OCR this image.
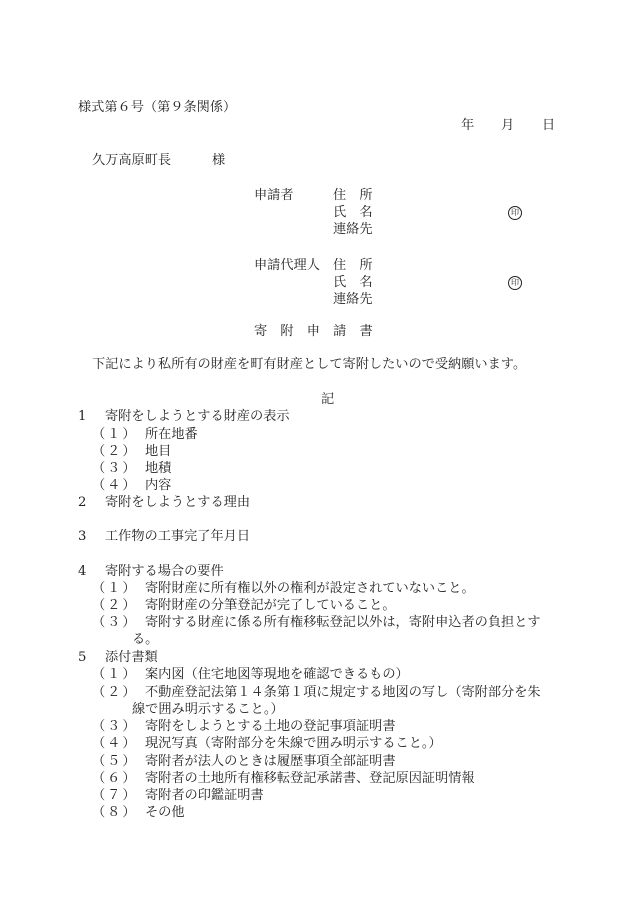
様式第６号（第９条関係）
年 月 日
久万高原町長	様
申請者	住　所
氏　名	印
連絡先
申請代理人 住　所
氏　名	印
連絡先
寄　附　申　請　書
下記により私所有の財産を町有財産として寄附したいので受納願います。
記
1 寄附をしようとする財産の表示
（１） 所在地番
（２） 地目
（３） 地積
（４） 内容
2 寄附をしようとする理由
3 工作物の工事完了年月日
4 寄附する場合の要件
（１） 寄附財産に所有権以外の権利が設定されていないこと。
（２） 寄附財産の分筆登記が完了していること。
（３） 寄附する財産に係る所有権移転登記以外は，寄附申込者の負担とす
る。
5 添付書類
（１） 案内図（住宅地図等現地を確認できるもの）
（２） 不動産登記法第１４条第１項に規定する地図の写し（寄附部分を朱
線で囲み明示すること。）
（３） 寄附をしようとする土地の登記事項証明書
（４） 現況写真（寄附部分を朱線で囲み明示すること。）
（５） 寄附者が法人のときは履歴事項全部証明書
（６） 寄附者の土地所有権移転登記承諾書、登記原因証明情報
（７） 寄附者の印鑑証明書
（８） その他
